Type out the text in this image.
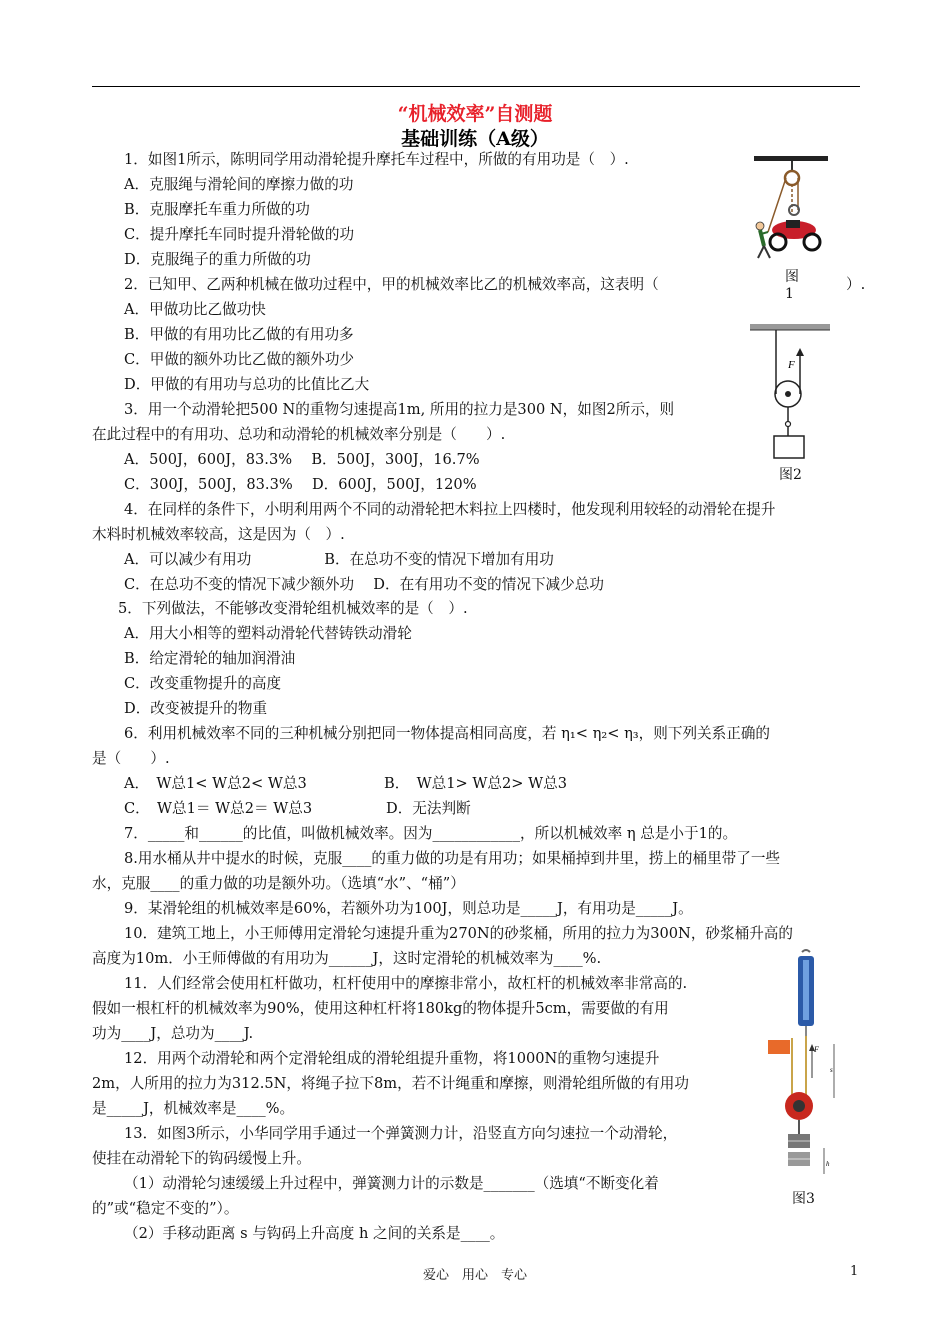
“机械效率”自测题
基础训练（A级）
1．如图1所示，陈明同学用动滑轮提升摩托车过程中，所做的有用功是（　）.
A．克服绳与滑轮间的摩擦力做的功
B．克服摩托车重力所做的功
C．提升摩托车同时提升滑轮做的功
D．克服绳子的重力所做的功
2．已知甲、乙两种机械在做功过程中，甲的机械效率比乙的机械效率高，这表明（	）.
A．甲做功比乙做功快
B．甲做的有用功比乙做的有用功多
C．甲做的额外功比乙做的额外功少
D．甲做的有用功与总功的比值比乙大
3．用一个动滑轮把500 N的重物匀速提高1m, 所用的拉力是300 N，如图2所示，则
在此过程中的有用功、总功和动滑轮的机械效率分别是（　　）.
A．500J，600J，83.3%　 B．500J，300J，16.7%
C．300J，500J，83.3%　 D．600J，500J，120%
4．在同样的条件下，小明利用两个不同的动滑轮把木料拉上四楼时，他发现利用较轻的动滑轮在提升
木料时机械效率较高，这是因为（　）.
A．可以减少有用功　　　　　B．在总功不变的情况下增加有用功
C．在总功不变的情况下减少额外功　 D．在有用功不变的情况下减少总功
5．下列做法，不能够改变滑轮组机械效率的是（　）.
A．用大小相等的塑料动滑轮代替铸铁动滑轮
B．给定滑轮的轴加润滑油
C．改变重物提升的高度
D．改变被提升的物重
6．利用机械效率不同的三种机械分别把同一物体提高相同高度，若 η₁< η₂< η₃，则下列关系正确的
是（　　）.
A．　W总1< W总2< W总3	B．　W总1> W总2> W总3
C．　W总1＝ W总2＝ W总3	D．无法判断
7．_____和______的比值，叫做机械效率。因为____________，所以机械效率 η 总是小于1的。
8.用水桶从井中提水的时候，克服____的重力做的功是有用功；如果桶掉到井里，捞上的桶里带了一些
水，克服____的重力做的功是额外功。（选填“水”、“桶”）
9．某滑轮组的机械效率是60%，若额外功为100J，则总功是_____J，有用功是_____J。
10．建筑工地上，小王师傅用定滑轮匀速提升重为270N的砂浆桶，所用的拉力为300N，砂浆桶升高的
高度为10m．小王师傅做的有用功为______J，这时定滑轮的机械效率为____%.
11．人们经常会使用杠杆做功，杠杆使用中的摩擦非常小，故杠杆的机械效率非常高的.
假如一根杠杆的机械效率为90%，使用这种杠杆将180kg的物体提升5cm，需要做的有用
功为____J，总功为____J.
12．用两个动滑轮和两个定滑轮组成的滑轮组提升重物，将1000N的重物匀速提升
2m，人所用的拉力为312.5N，将绳子拉下8m，若不计绳重和摩擦，则滑轮组所做的有用功
是_____J，机械效率是____%。
13．如图3所示，小华同学用手通过一个弹簧测力计，沿竖直方向匀速拉一个动滑轮，
使挂在动滑轮下的钩码缓慢上升。
（1）动滑轮匀速缓缓上升过程中，弹簧测力计的示数是_______（选填“不断变化着
的”或“稳定不变的”）。
（2）手移动距离 s 与钩码上升高度 h 之间的关系是____。
图
1
F
图2
F
s
h
图3
爱心　用心　专心	1
